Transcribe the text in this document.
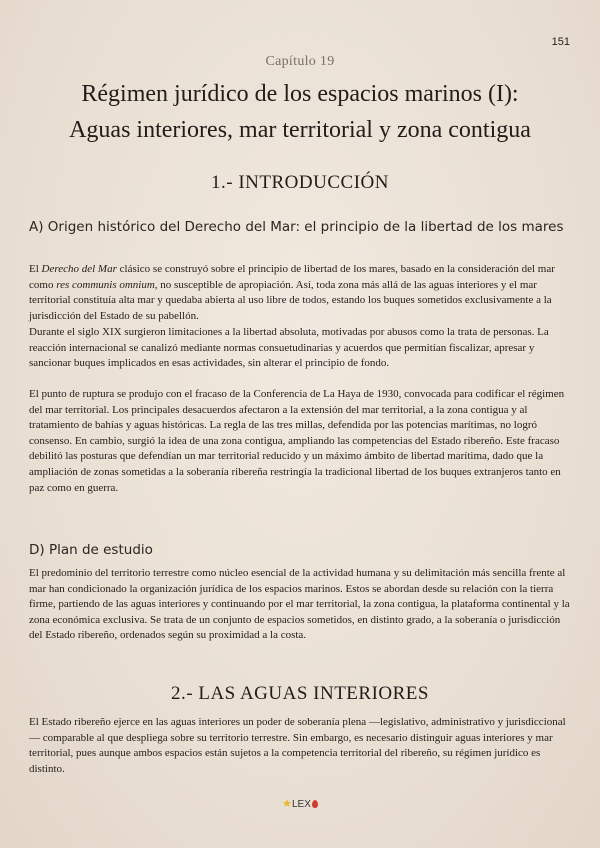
151
Capítulo 19
Régimen jurídico de los espacios marinos (I):
Aguas interiores, mar territorial y zona contigua
1.- INTRODUCCIÓN
A) Origen histórico del Derecho del Mar: el principio de la libertad de los mares

El Derecho del Mar clásico se construyó sobre el principio de libertad de los mares, basado en la consideración del mar como res communis omnium, no susceptible de apropiación. Así, toda zona más allá de las aguas interiores y el mar territorial constituía alta mar y quedaba abierta al uso libre de todos, estando los buques sometidos exclusivamente a la jurisdicción del Estado de su pabellón.

Durante el siglo XIX surgieron limitaciones a la libertad absoluta, motivadas por abusos como la trata de personas. La reacción internacional se canalizó mediante normas consuetudinarias y acuerdos que permitían fiscalizar, apresar y sancionar buques implicados en esas actividades, sin alterar el principio de fondo.

El punto de ruptura se produjo con el fracaso de la Conferencia de La Haya de 1930, convocada para codificar el régimen del mar territorial. Los principales desacuerdos afectaron a la extensión del mar territorial, a la zona contigua y al tratamiento de bahías y aguas históricas. La regla de las tres millas, defendida por las potencias marítimas, no logró consenso. En cambio, surgió la idea de una zona contigua, ampliando las competencias del Estado ribereño. Este fracaso debilitó las posturas que defendían un mar territorial reducido y un máximo ámbito de libertad marítima, dado que la ampliación de zonas sometidas a la soberanía ribereña restringía la tradicional libertad de los buques extranjeros tanto en paz como en guerra.

D) Plan de estudio

El predominio del territorio terrestre como núcleo esencial de la actividad humana y su delimitación más sencilla frente al mar han condicionado la organización jurídica de los espacios marinos. Estos se abordan desde su relación con la tierra firme, partiendo de las aguas interiores y continuando por el mar territorial, la zona contigua, la plataforma continental y la zona económica exclusiva. Se trata de un conjunto de espacios sometidos, en distinto grado, a la soberanía o jurisdicción del Estado ribereño, ordenados según su proximidad a la costa.

2.- LAS AGUAS INTERIORES

El Estado ribereño ejerce en las aguas interiores un poder de soberanía plena —legislativo, administrativo y jurisdiccional— comparable al que despliega sobre su territorio terrestre. Sin embargo, es necesario distinguir aguas interiores y mar territorial, pues aunque ambos espacios están sujetos a la competencia territorial del ribereño, su régimen jurídico es distinto.

★LEX
